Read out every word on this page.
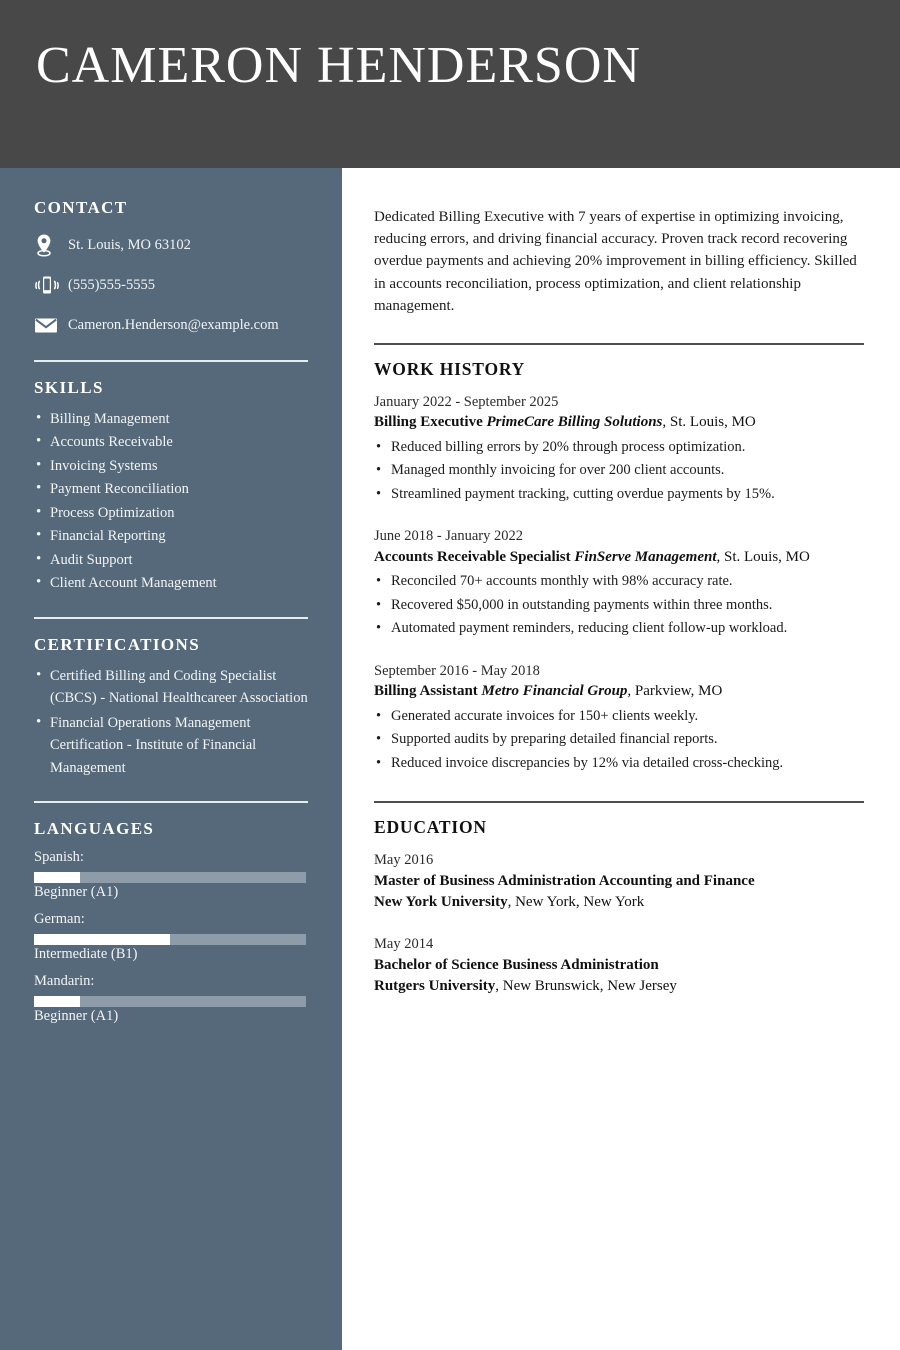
CAMERON HENDERSON
CONTACT
St. Louis, MO 63102
(555)555-5555
Cameron.Henderson@example.com
SKILLS
• Billing Management
• Accounts Receivable
• Invoicing Systems
• Payment Reconciliation
• Process Optimization
• Financial Reporting
• Audit Support
• Client Account Management
CERTIFICATIONS
• Certified Billing and Coding Specialist (CBCS) - National Healthcareer Association
• Financial Operations Management Certification - Institute of Financial Management
LANGUAGES
Spanish:
Beginner (A1)
German:
Intermediate (B1)
Mandarin:
Beginner (A1)
Dedicated Billing Executive with 7 years of expertise in optimizing invoicing, reducing errors, and driving financial accuracy. Proven track record recovering overdue payments and achieving 20% improvement in billing efficiency. Skilled in accounts reconciliation, process optimization, and client relationship management.
WORK HISTORY
January 2022 - September 2025
Billing Executive PrimeCare Billing Solutions, St. Louis, MO
• Reduced billing errors by 20% through process optimization.
• Managed monthly invoicing for over 200 client accounts.
• Streamlined payment tracking, cutting overdue payments by 15%.
June 2018 - January 2022
Accounts Receivable Specialist FinServe Management, St. Louis, MO
• Reconciled 70+ accounts monthly with 98% accuracy rate.
• Recovered $50,000 in outstanding payments within three months.
• Automated payment reminders, reducing client follow-up workload.
September 2016 - May 2018
Billing Assistant Metro Financial Group, Parkview, MO
• Generated accurate invoices for 150+ clients weekly.
• Supported audits by preparing detailed financial reports.
• Reduced invoice discrepancies by 12% via detailed cross-checking.
EDUCATION
May 2016
Master of Business Administration Accounting and Finance
New York University, New York, New York
May 2014
Bachelor of Science Business Administration
Rutgers University, New Brunswick, New Jersey
